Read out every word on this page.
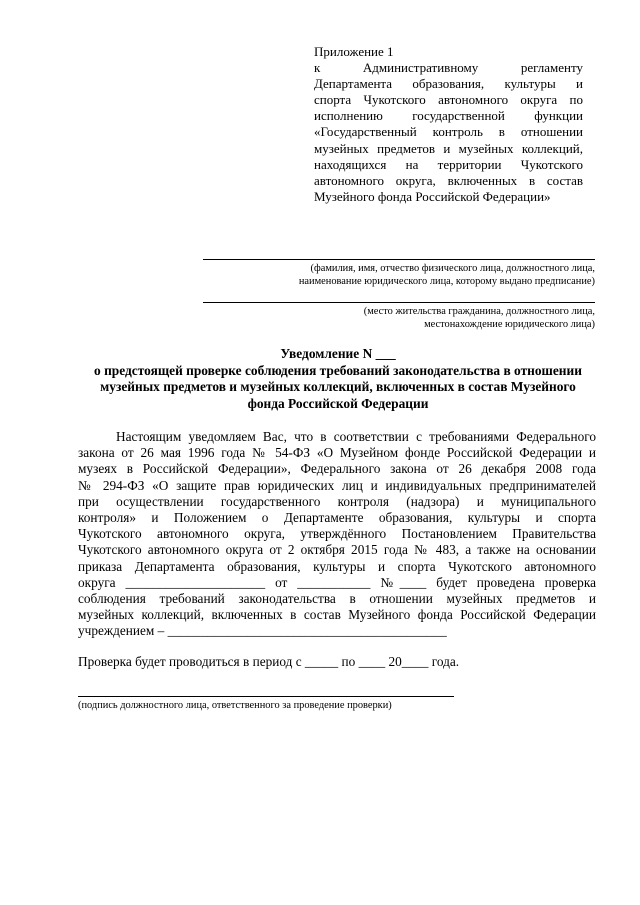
Приложение 1
к Административному регламенту
Департамента образования, культуры и
спорта Чукотского автономного округа по
исполнению государственной функции
«Государственный контроль в отношении
музейных предметов и музейных коллекций,
находящихся на территории Чукотского
автономного округа, включенных в состав
Музейного фонда Российской Федерации»
(фамилия, имя, отчество физического лица, должностного лица,
наименование юридического лица, которому выдано предписание)
(место жительства гражданина, должностного лица,
местонахождение юридического лица)
Уведомление N ___
о предстоящей проверке соблюдения требований законодательства в отношении
музейных предметов и музейных коллекций, включенных в состав Музейного
фонда Российской Федерации
Настоящим уведомляем Вас, что в соответствии с требованиями Федерального
закона от 26 мая 1996 года № 54-ФЗ «О Музейном фонде Российской Федерации и
музеях в Российской Федерации», Федерального закона от 26 декабря 2008 года
№ 294-ФЗ «О защите прав юридических лиц и индивидуальных предпринимателей
при осуществлении государственного контроля (надзора) и муниципального
контроля» и Положением о Департаменте образования, культуры и спорта
Чукотского автономного округа, утверждённого Постановлением Правительства
Чукотского автономного округа от 2 октября 2015 года № 483, а также на основании
приказа Департамента образования, культуры и спорта Чукотского автономного
округа _____________________ от ___________ №____ будет проведена проверка
соблюдения требований законодательства в отношении музейных предметов и
музейных коллекций, включенных в состав Музейного фонда Российской Федерации
учреждением – __________________________________________
Проверка будет проводиться в период с _____ по ____ 20____ года.
(подпись должностного лица, ответственного за проведение проверки)
